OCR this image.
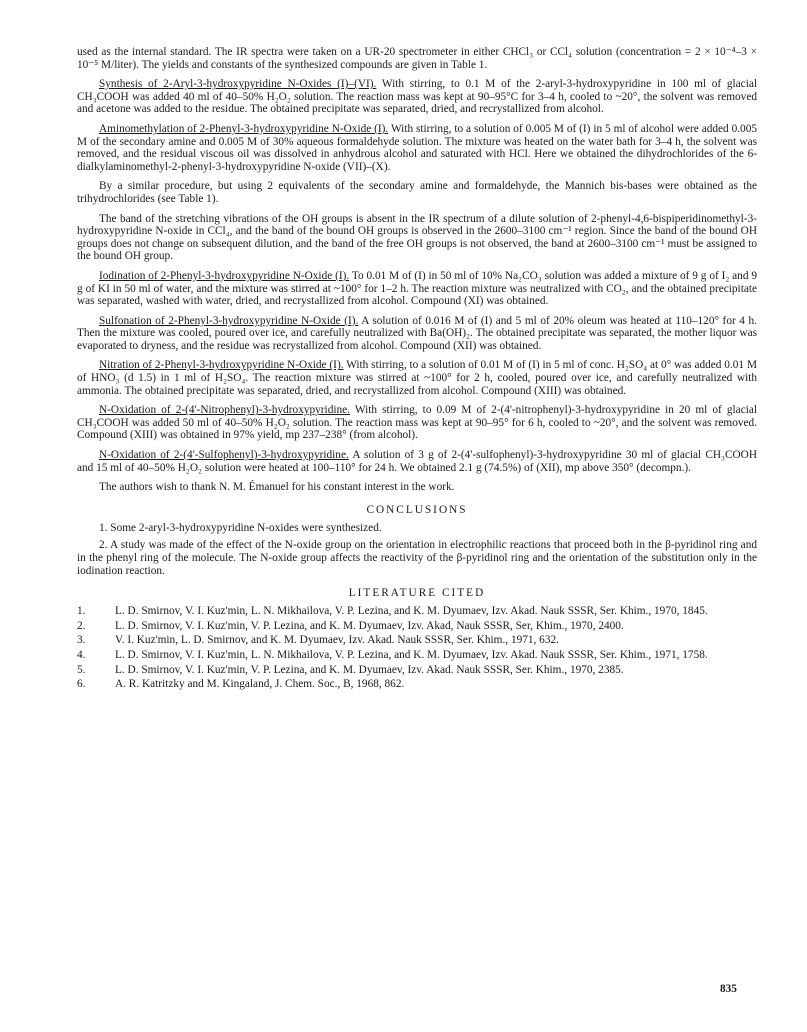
used as the internal standard. The IR spectra were taken on a UR-20 spectrometer in either CHCl₃ or CCl₄ solution (concentration = 2 × 10⁻⁴–3 × 10⁻⁵ M/liter). The yields and constants of the synthesized compounds are given in Table 1.

Synthesis of 2-Aryl-3-hydroxypyridine N-Oxides (I)–(VI). With stirring, to 0.1 M of the 2-aryl-3-hydroxypyridine in 100 ml of glacial CH₃COOH was added 40 ml of 40–50% H₂O₂ solution. The reaction mass was kept at 90–95°C for 3–4 h, cooled to ~20°, the solvent was removed and acetone was added to the residue. The obtained precipitate was separated, dried, and recrystallized from alcohol.

Aminomethylation of 2-Phenyl-3-hydroxypyridine N-Oxide (I). With stirring, to a solution of 0.005 M of (I) in 5 ml of alcohol were added 0.005 M of the secondary amine and 0.005 M of 30% aqueous formaldehyde solution. The mixture was heated on the water bath for 3–4 h, the solvent was removed, and the residual viscous oil was dissolved in anhydrous alcohol and saturated with HCl. Here we obtained the dihydrochlorides of the 6-dialkylaminomethyl-2-phenyl-3-hydroxypyridine N-oxide (VII)–(X).

By a similar procedure, but using 2 equivalents of the secondary amine and formaldehyde, the Mannich bis-bases were obtained as the trihydrochlorides (see Table 1).

The band of the stretching vibrations of the OH groups is absent in the IR spectrum of a dilute solution of 2-phenyl-4,6-bispiperidinomethyl-3-hydroxypyridine N-oxide in CCl₄, and the band of the bound OH groups is observed in the 2600–3100 cm⁻¹ region. Since the band of the bound OH groups does not change on subsequent dilution, and the band of the free OH groups is not observed, the band at 2600–3100 cm⁻¹ must be assigned to the bound OH group.

Iodination of 2-Phenyl-3-hydroxypyridine N-Oxide (I). To 0.01 M of (I) in 50 ml of 10% Na₂CO₃ solution was added a mixture of 9 g of I₂ and 9 g of KI in 50 ml of water, and the mixture was stirred at ~100° for 1–2 h. The reaction mixture was neutralized with CO₂, and the obtained precipitate was separated, washed with water, dried, and recrystallized from alcohol. Compound (XI) was obtained.

Sulfonation of 2-Phenyl-3-hydroxypyridine N-Oxide (I). A solution of 0.016 M of (I) and 5 ml of 20% oleum was heated at 110–120° for 4 h. Then the mixture was cooled, poured over ice, and carefully neutralized with Ba(OH)₂. The obtained precipitate was separated, the mother liquor was evaporated to dryness, and the residue was recrystallized from alcohol. Compound (XII) was obtained.

Nitration of 2-Phenyl-3-hydroxypyridine N-Oxide (I). With stirring, to a solution of 0.01 M of (I) in 5 ml of conc. H₂SO₄ at 0° was added 0.01 M of HNO₃ (d 1.5) in 1 ml of H₂SO₄. The reaction mixture was stirred at ~100° for 2 h, cooled, poured over ice, and carefully neutralized with ammonia. The obtained precipitate was separated, dried, and recrystallized from alcohol. Compound (XIII) was obtained.

N-Oxidation of 2-(4'-Nitrophenyl)-3-hydroxypyridine. With stirring, to 0.09 M of 2-(4'-nitrophenyl)-3-hydroxypyridine in 20 ml of glacial CH₃COOH was added 50 ml of 40–50% H₂O₂ solution. The reaction mass was kept at 90–95° for 6 h, cooled to ~20°, and the solvent was removed. Compound (XIII) was obtained in 97% yield, mp 237–238° (from alcohol).

N-Oxidation of 2-(4'-Sulfophenyl)-3-hydroxypyridine. A solution of 3 g of 2-(4'-sulfophenyl)-3-hydroxypyridine 30 ml of glacial CH₃COOH and 15 ml of 40–50% H₂O₂ solution were heated at 100–110° for 24 h. We obtained 2.1 g (74.5%) of (XII), mp above 350° (decompn.).

The authors wish to thank N. M. Émanuel for his constant interest in the work.

CONCLUSIONS

1. Some 2-aryl-3-hydroxypyridine N-oxides were synthesized.

2. A study was made of the effect of the N-oxide group on the orientation in electrophilic reactions that proceed both in the β-pyridinol ring and in the phenyl ring of the molecule. The N-oxide group affects the reactivity of the β-pyridinol ring and the orientation of the substitution only in the iodination reaction.

LITERATURE CITED
1.	L. D. Smirnov, V. I. Kuz'min, L. N. Mikhailova, V. P. Lezina, and K. M. Dyumaev, Izv. Akad. Nauk SSSR, Ser. Khim., 1970, 1845.
2.	L. D. Smirnov, V. I. Kuz'min, V. P. Lezina, and K. M. Dyumaev, Izv. Akad, Nauk SSSR, Ser, Khim., 1970, 2400.
3.	V. I. Kuz'min, L. D. Smirnov, and K. M. Dyumaev, Izv. Akad. Nauk SSSR, Ser. Khim., 1971, 632.
4.	L. D. Smirnov, V. I. Kuz'min, L. N. Mikhailova, V. P. Lezina, and K. M. Dyumaev, Izv. Akad. Nauk SSSR, Ser. Khim., 1971, 1758.
5.	L. D. Smirnov, V. I. Kuz'min, V. P. Lezina, and K. M. Dyumaev, Izv. Akad. Nauk SSSR, Ser. Khim., 1970, 2385.
6.	A. R. Katritzky and M. Kingaland, J. Chem. Soc., B, 1968, 862.
835
